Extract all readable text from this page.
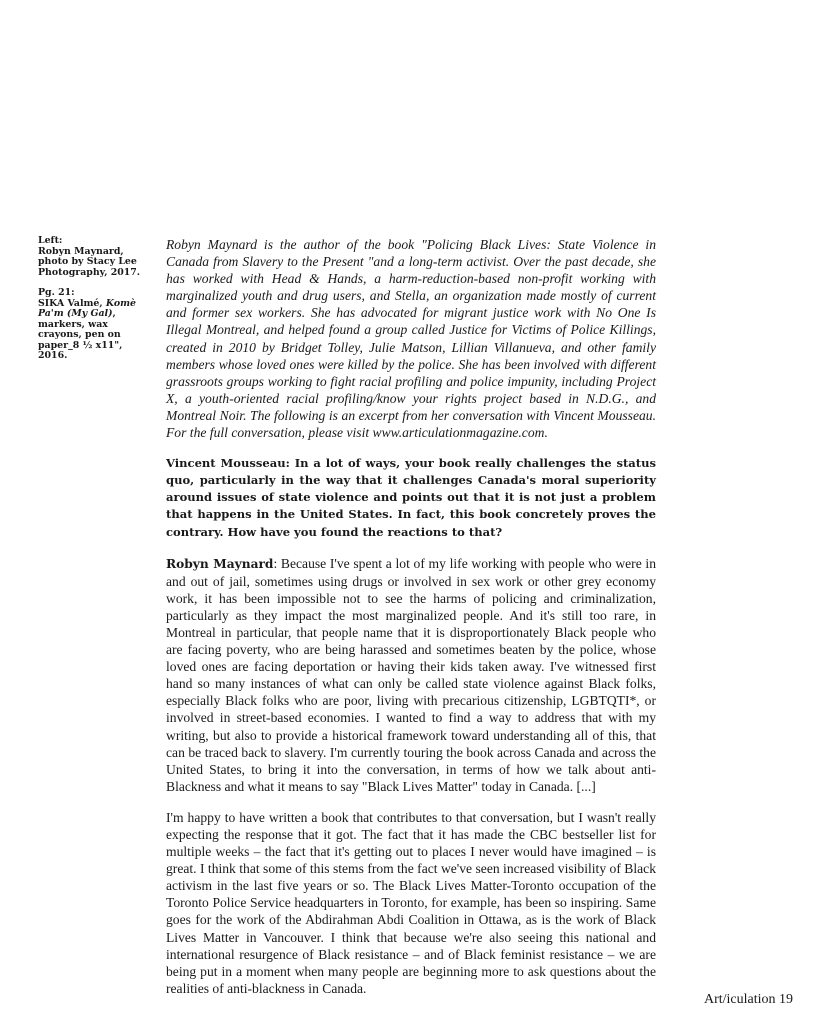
Left:
Robyn Maynard, photo by Stacy Lee Photography, 2017.

Pg. 21:
SIKA Valmé, Komè Pa'm (My Gal), markers, wax crayons, pen on paper_8 ½ x11", 2016.

Robyn Maynard is the author of the book "Policing Black Lives: State Violence in Canada from Slavery to the Present "and a long-term activist. Over the past decade, she has worked with Head & Hands, a harm-reduction-based non-profit working with marginalized youth and drug users, and Stella, an organization made mostly of current and former sex workers. She has advocated for migrant justice work with No One Is Illegal Montreal, and helped found a group called Justice for Victims of Police Killings, created in 2010 by Bridget Tolley, Julie Matson, Lillian Villanueva, and other family members whose loved ones were killed by the police. She has been involved with different grassroots groups working to fight racial profiling and police impunity, including Project X, a youth-oriented racial profiling/know your rights project based in N.D.G., and Montreal Noir. The following is an excerpt from her conversation with Vincent Mousseau. For the full conversation, please visit www.articulationmagazine.com.

Vincent Mousseau: In a lot of ways, your book really challenges the status quo, particularly in the way that it challenges Canada's moral superiority around issues of state violence and points out that it is not just a problem that happens in the United States. In fact, this book concretely proves the contrary. How have you found the reactions to that?

Robyn Maynard: Because I've spent a lot of my life working with people who were in and out of jail, sometimes using drugs or involved in sex work or other grey economy work, it has been impossible not to see the harms of policing and criminalization, particularly as they impact the most marginalized people. And it's still too rare, in Montreal in particular, that people name that it is disproportionately Black people who are facing poverty, who are being harassed and sometimes beaten by the police, whose loved ones are facing deportation or having their kids taken away. I've witnessed first hand so many instances of what can only be called state violence against Black folks, especially Black folks who are poor, living with precarious citizenship, LGBTQTI*, or involved in street-based economies. I wanted to find a way to address that with my writing, but also to provide a historical framework toward understanding all of this, that can be traced back to slavery. I'm currently touring the book across Canada and across the United States, to bring it into the conversation, in terms of how we talk about anti-Blackness and what it means to say "Black Lives Matter" today in Canada. [...]

I'm happy to have written a book that contributes to that conversation, but I wasn't really expecting the response that it got. The fact that it has made the CBC bestseller list for multiple weeks – the fact that it's getting out to places I never would have imagined – is great. I think that some of this stems from the fact we've seen increased visibility of Black activism in the last five years or so. The Black Lives Matter-Toronto occupation of the Toronto Police Service headquarters in Toronto, for example, has been so inspiring. Same goes for the work of the Abdirahman Abdi Coalition in Ottawa, as is the work of Black Lives Matter in Vancouver. I think that because we're also seeing this national and international resurgence of Black resistance – and of Black feminist resistance – we are being put in a moment when many people are beginning more to ask questions about the realities of anti-blackness in Canada.

Art/iculation 19
